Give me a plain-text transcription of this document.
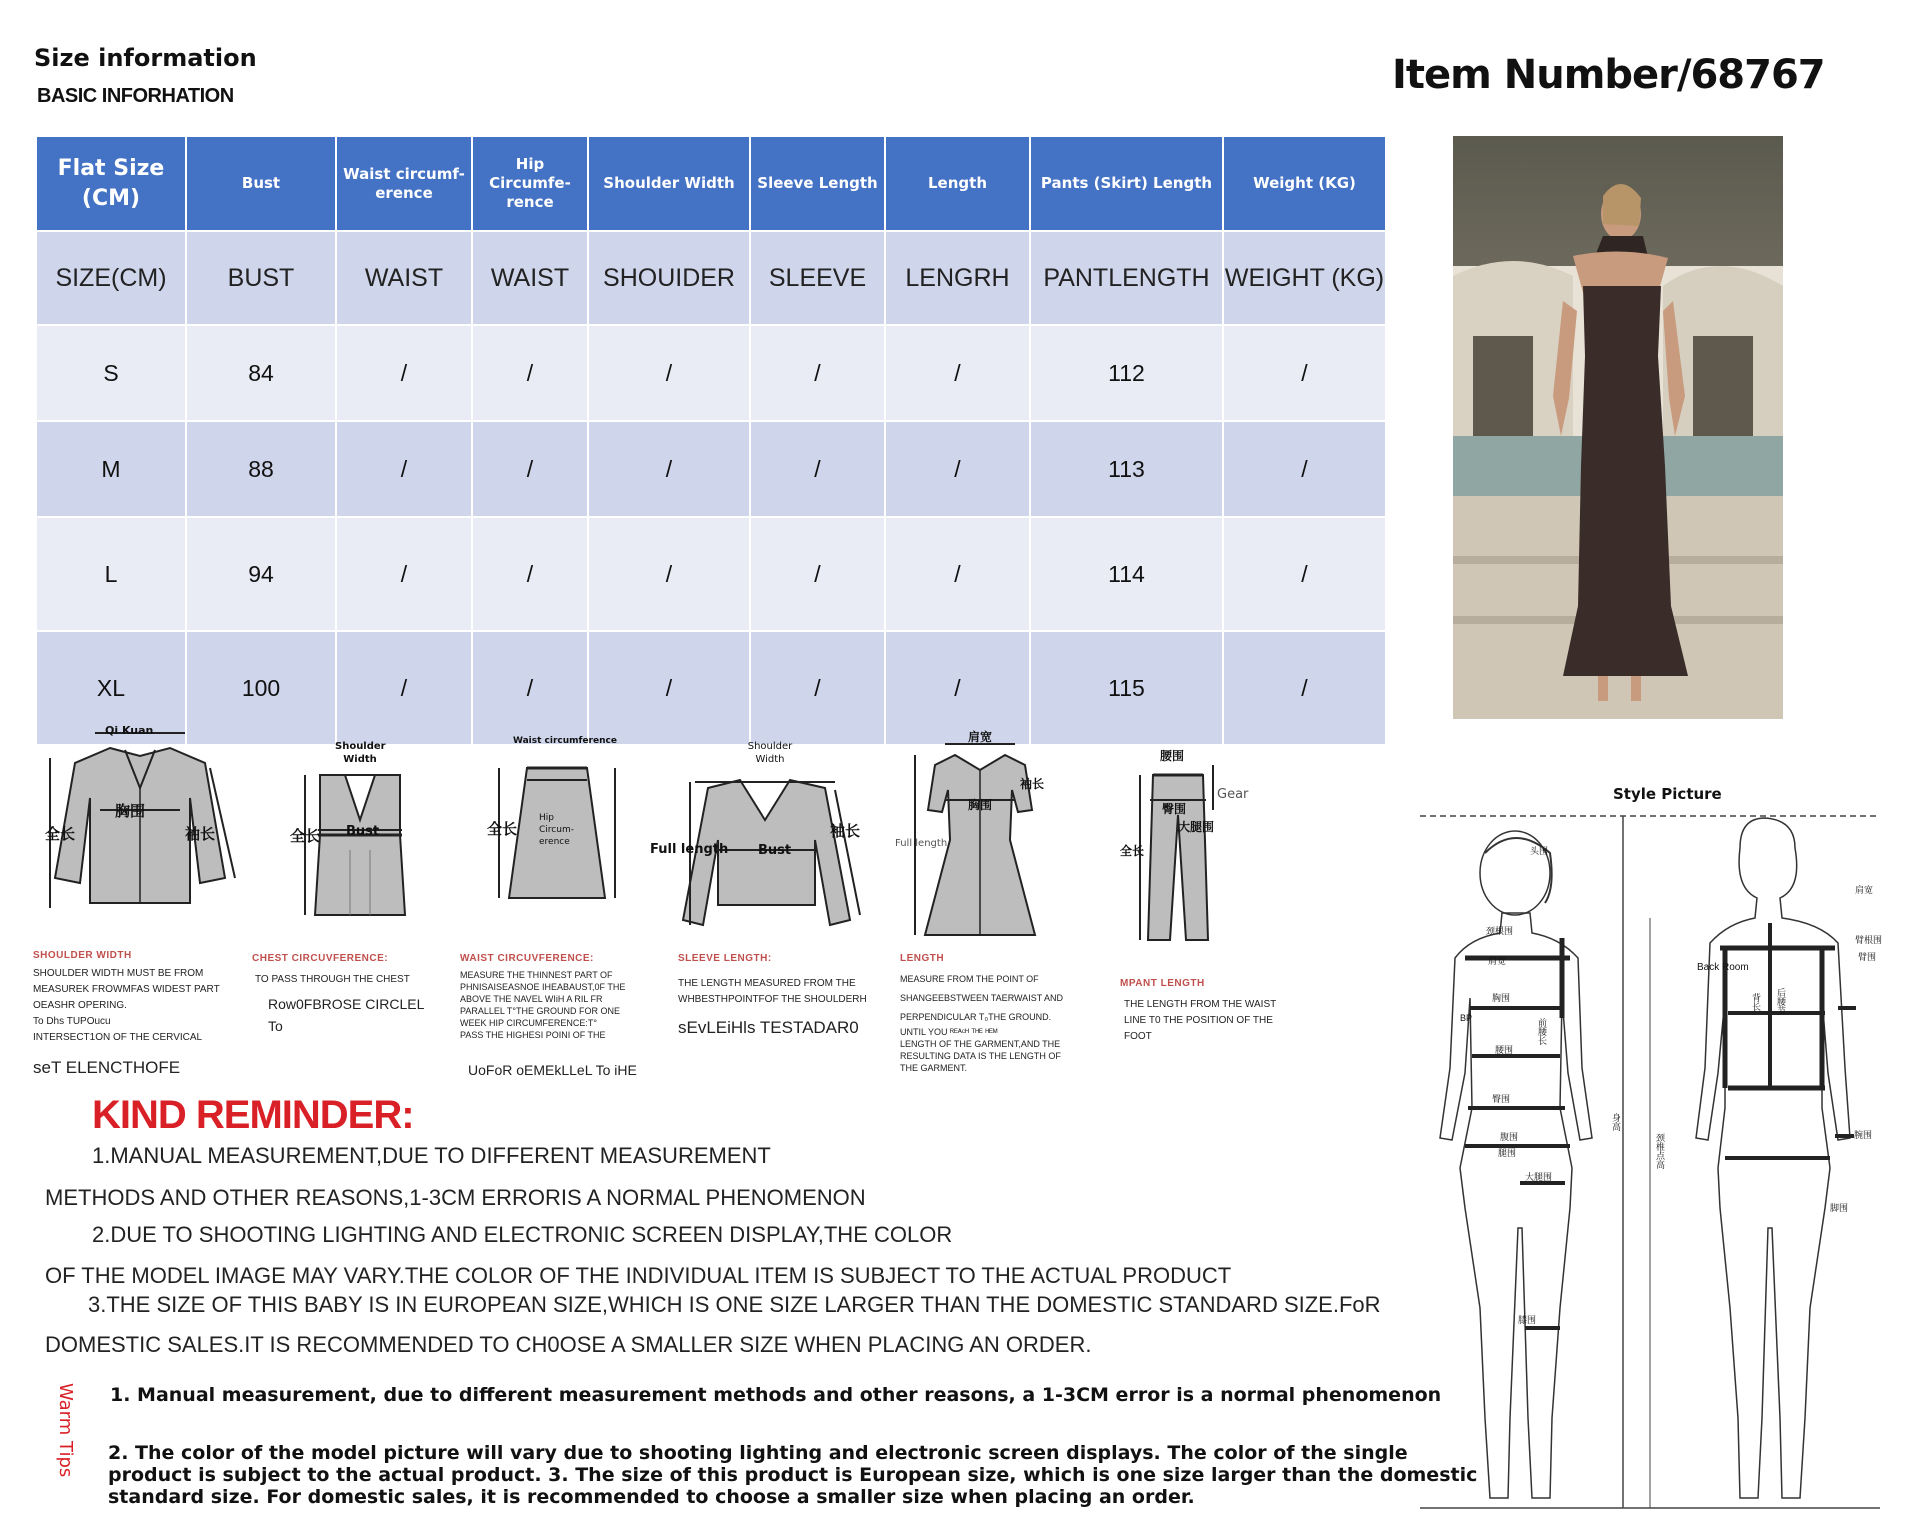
Size information
BASIC INFORHATION	Item Number/68767
Flat Size (CM)	Bust	Waist circumf-erence	Hip Circumfe-rence	Shoulder Width	Sleeve Length	Length	Pants (Skirt) Length	Weight (KG)
SIZE(CM)	BUST	WAIST	WAIST	SHOUIDER	SLEEVE	LENGRH	PANTLENGTH	WEIGHT (KG)
S	84	/	/	/	/	/	112	/
M	88	/	/	/	/	/	113	/
L	94	/	/	/	/	/	114	/
XL	100	/	/	/	/	/	115	/
Qi Kuan
胸围
全长	袖长
SHOULDER WIDTH
SHOULDER WIDTH MUST BE FROM
MEASUREK FROWMFAS WIDEST PART
OEASHR OPERING.
To Dhs TUPOucu
INTERSECT1ON OF THE CERVICAL
seT ELENCTHOFE
Shoulder Width
全长 Bust
CHEST CIRCUVFERENCE:
TO PASS THROUGH THE CHEST
Row0FBROSE CIRCLEL
To
Waist circumference
全长
Hip Circum- erence
WAIST CIRCUVFERENCE:
MEASURE THE THINNEST PART OF
PHNISAISEASNOE IHEABAUST,0F THE
ABOVE THE NAVEL WIiH A RIL FR
PARALLEL T°THE GROUND FOR ONE
WEEK HIP CIRCUMFERENCE:T°
PASS THE HIGHESI POINI OF THE
UoFoR oEMEkLLeL To iHE
Shoulder Width
Full length Bust
袖长
SLEEVE LENGTH:
THE LENGTH MEASURED FROM THE
WHBESTHPOINTFOF THE SHOULDERH
sEvLEiHls TESTADAR0
肩宽
袖长
胸围
Full length
LENGTH
MEASURE FROM THE POINT OF
SHANGEEBSTWEEN TAERWAIST AND
PERPENDICULAR T₀THE GROUND.
UNTIL YOU ᴿᴱᴬᶜᴴ ᵀᴴᴱ ᴴᴱᴹ
LENGTH OF THE GARMENT,AND THE
RESULTING DATA IS THE LENGTH OF
THE GARMENT.
腰围
臀围
大腿围
全长
Gear
MPANT LENGTH
THE LENGTH FROM THE WAIST
LINE T0 THE POSITION OF THE
FOOT
KIND REMINDER:
1.MANUAL MEASUREMENT,DUE TO DIFFERENT MEASUREMENT
METHODS AND OTHER REASONS,1-3CM ERRORIS A NORMAL PHENOMENON
2.DUE TO SHOOTING LIGHTING AND ELECTRONIC SCREEN DISPLAY,THE COLOR
OF THE MODEL IMAGE MAY VARY.THE COLOR OF THE INDIVIDUAL ITEM IS SUBJECT TO THE ACTUAL PRODUCT
3.THE SIZE OF THIS BABY IS IN EUROPEAN SIZE,WHICH IS ONE SIZE LARGER THAN THE DOMESTIC STANDARD SIZE.FoR
DOMESTIC SALES.IT IS RECOMMENDED TO CH0OSE A SMALLER SIZE WHEN PLACING AN ORDER.
Warm Tips 1. Manual measurement, due to different measurement methods and other reasons, a 1-3CM error is a normal phenomenon
2. The color of the model picture will vary due to shooting lighting and electronic screen displays. The color of the single
product is subject to the actual product. 3. The size of this product is European size, which is one size larger than the domestic
standard size. For domestic sales, it is recommended to choose a smaller size when placing an order.
Style Picture
头围
颈根围
肩宽
胸围
前腰长
腰围
臀围
腹围
腿围
大腿围
膝围
BP
肩宽
臂根围
臂围
背长 后腰节
腕围
脚围
身高
颈椎点高
Back Room
